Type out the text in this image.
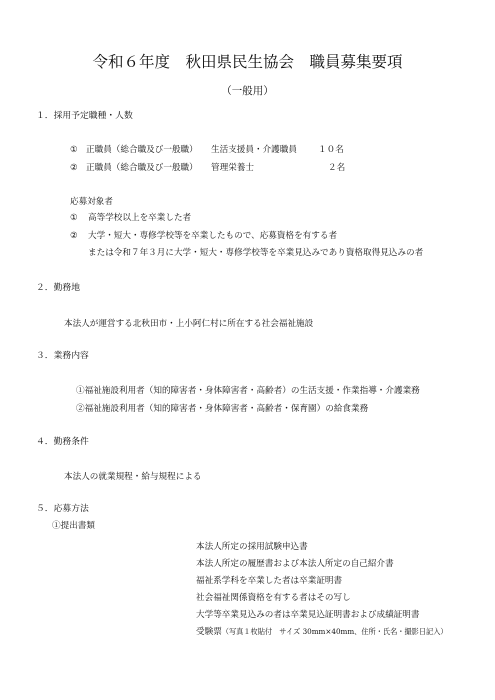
令和６年度　秋田県民生協会　職員募集要項
（一般用）
１．採用予定職種・人数
① 正職員（総合職及び一般職） 生活支援員・介護職員 １０名
② 正職員（総合職及び一般職） 管理栄養士	２名
応募対象者
① 高等学校以上を卒業した者
② 大学・短大・専修学校等を卒業したもので、応募資格を有する者
または令和７年３月に大学・短大・専修学校等を卒業見込みであり資格取得見込みの者
２．勤務地
本法人が運営する北秋田市・上小阿仁村に所在する社会福祉施設
３．業務内容
①福祉施設利用者（知的障害者・身体障害者・高齢者）の生活支援・作業指導・介護業務
②福祉施設利用者（知的障害者・身体障害者・高齢者・保育園）の給食業務
４．勤務条件
本法人の就業規程・給与規程による
５．応募方法
①提出書類
本法人所定の採用試験申込書
本法人所定の履歴書および本法人所定の自己紹介書
福祉系学科を卒業した者は卒業証明書
社会福祉関係資格を有する者はその写し
大学等卒業見込みの者は卒業見込証明書および成績証明書
受験票（写真１枚貼付　サイズ 30mm×40mm、住所・氏名・撮影日記入）
